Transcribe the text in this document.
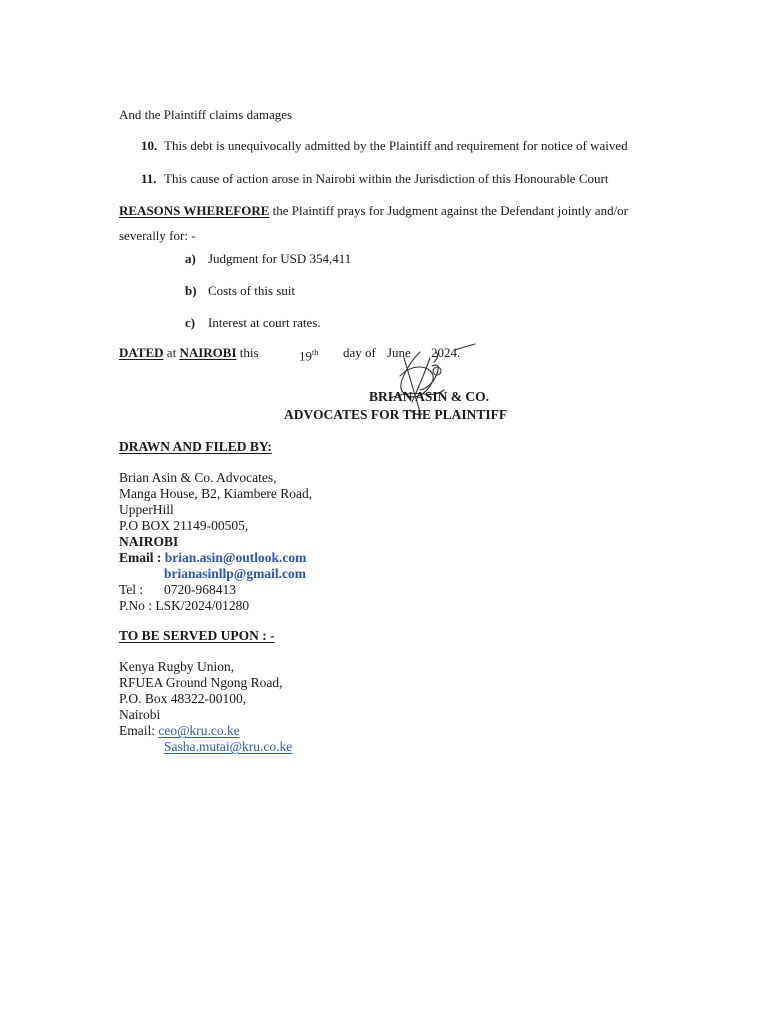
And the Plaintiff claims damages
10. This debt is unequivocally admitted by the Plaintiff and requirement for notice of waived
11. This cause of action arose in Nairobi within the Jurisdiction of this Honourable Court
REASONS WHEREFORE the Plaintiff prays for Judgment against the Defendant jointly and/or
severally for: -
a) Judgment for USD 354,411
b) Costs of this suit
c) Interest at court rates.
DATED at NAIROBI this	19th day of June 2024.
BRIAN ASIN & CO.
ADVOCATES FOR THE PLAINTIFF
DRAWN AND FILED BY:
Brian Asin & Co. Advocates,
Manga House, B2, Kiambere Road,
UpperHill
P.O BOX 21149-00505,
NAIROBI
Email : brian.asin@outlook.com
brianasinllp@gmail.com
Tel : 0720-968413
P.No : LSK/2024/01280
TO BE SERVED UPON : -
Kenya Rugby Union,
RFUEA Ground Ngong Road,
P.O. Box 48322-00100,
Nairobi
Email: ceo@kru.co.ke
Sasha.mutai@kru.co.ke
